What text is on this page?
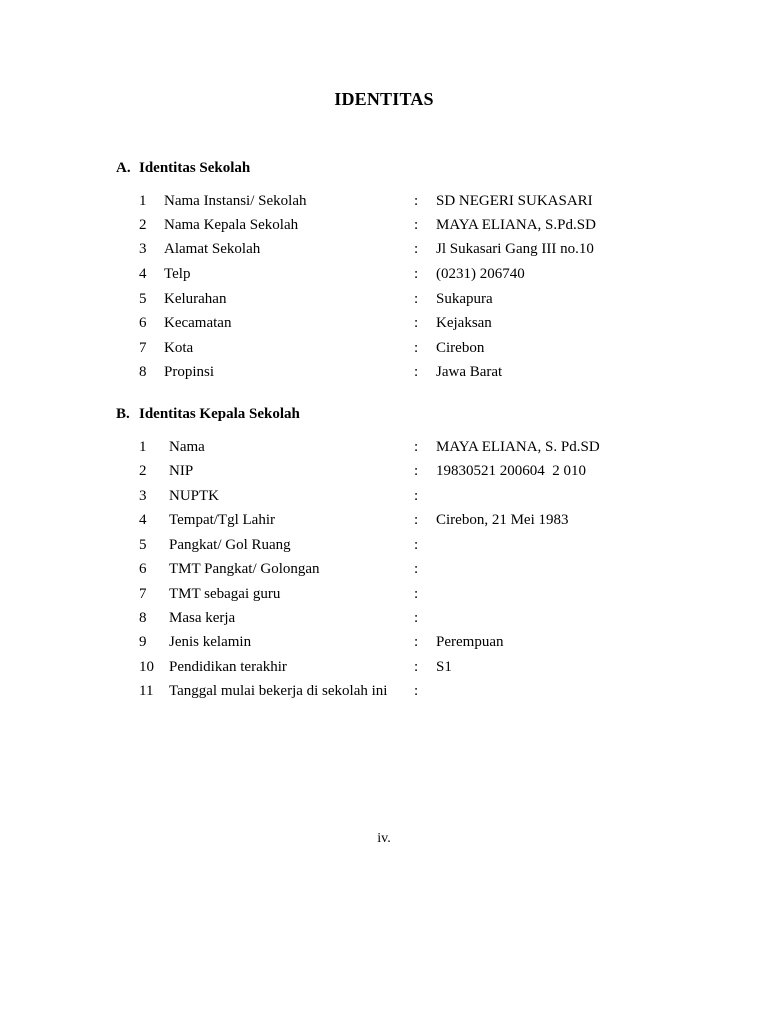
IDENTITAS
A. Identitas Sekolah
1 Nama Instansi/ Sekolah	: SD NEGERI SUKASARI
2 Nama Kepala Sekolah	: MAYA ELIANA, S.Pd.SD
3 Alamat Sekolah	: Jl Sukasari Gang III no.10
4 Telp	: (0231) 206740
5 Kelurahan	: Sukapura
6 Kecamatan	: Kejaksan
7 Kota	: Cirebon
8 Propinsi	: Jawa Barat
B. Identitas Kepala Sekolah
1 Nama	: MAYA ELIANA, S. Pd.SD
2 NIP	: 19830521 200604  2 010
3 NUPTK	:
4 Tempat/Tgl Lahir	: Cirebon, 21 Mei 1983
5 Pangkat/ Gol Ruang	:
6 TMT Pangkat/ Golongan	:
7 TMT sebagai guru	:
8 Masa kerja	:
9 Jenis kelamin	: Perempuan
10 Pendidikan terakhir	: S1
11 Tanggal mulai bekerja di sekolah ini :
iv.
